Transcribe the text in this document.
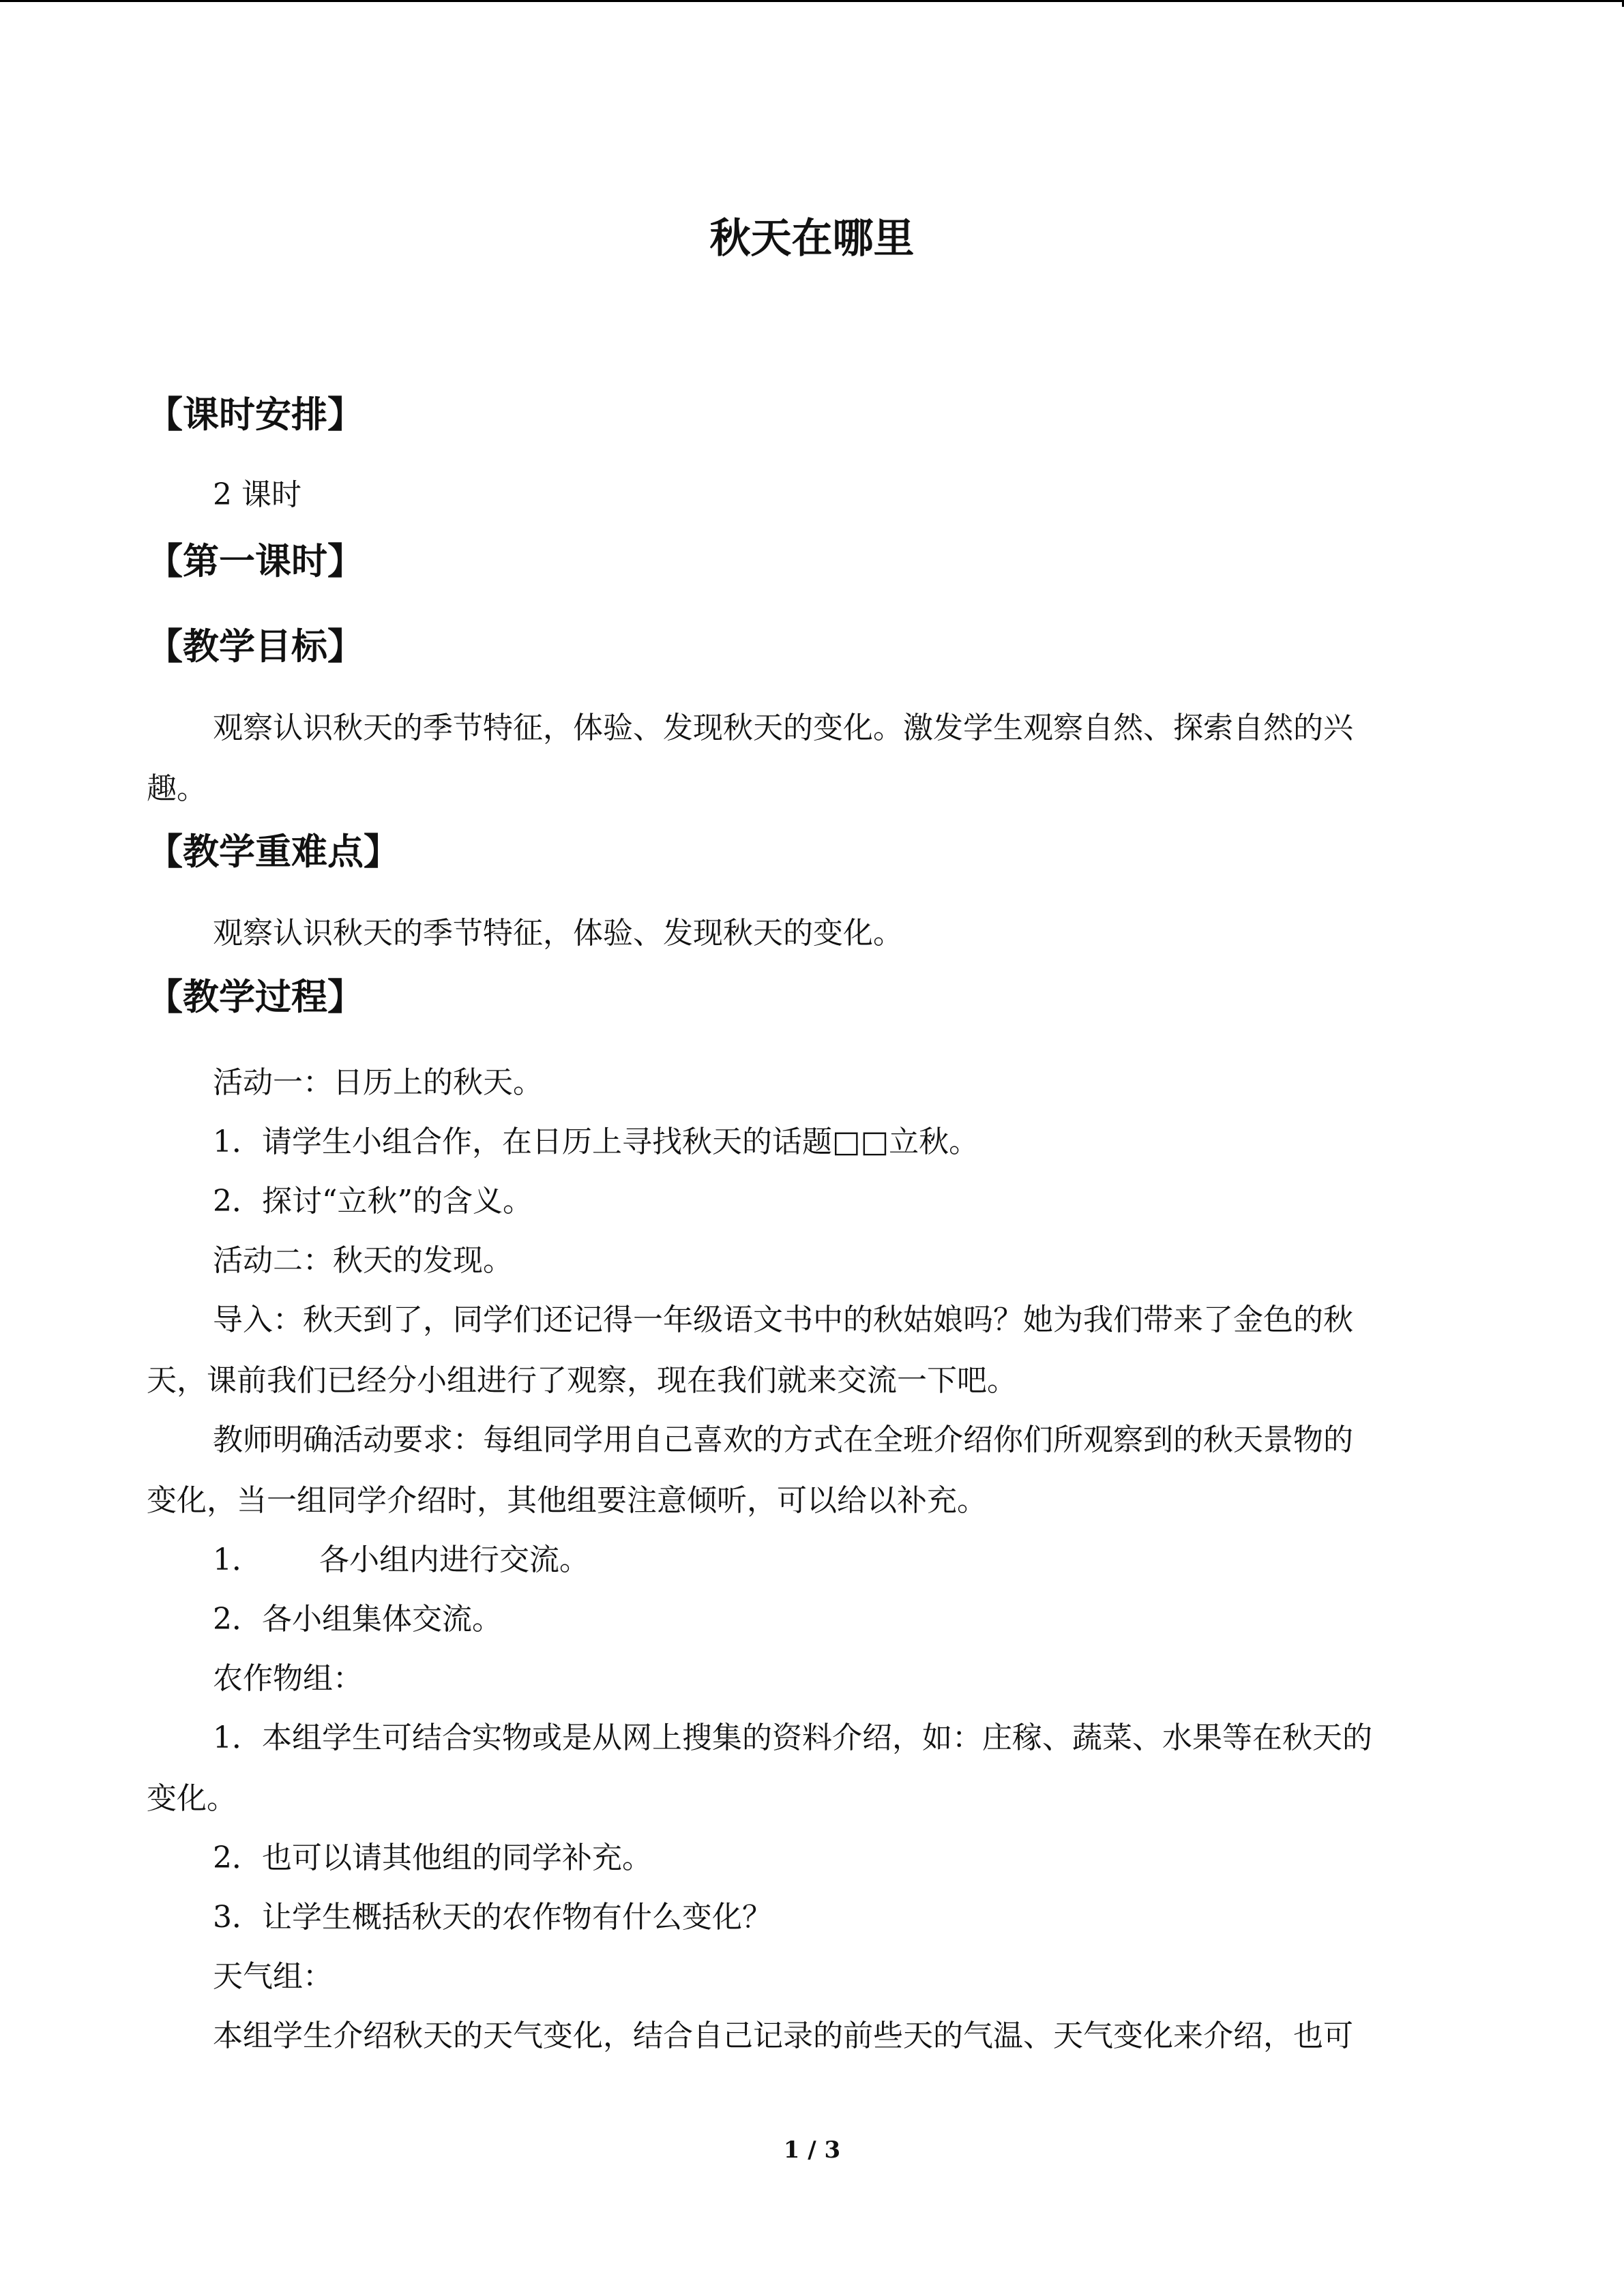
秋天在哪里
【课时安排】
2 课时
【第一课时】
【教学目标】
观察认识秋天的季节特征，体验、发现秋天的变化。激发学生观察自然、探索自然的兴
趣。
【教学重难点】
观察认识秋天的季节特征，体验、发现秋天的变化。
【教学过程】
活动一：日历上的秋天。
1．请学生小组合作，在日历上寻找秋天的话题□□立秋。
2．探讨“立秋”的含义。
活动二：秋天的发现。
导入：秋天到了，同学们还记得一年级语文书中的秋姑娘吗？她为我们带来了金色的秋
天，课前我们已经分小组进行了观察，现在我们就来交流一下吧。
教师明确活动要求：每组同学用自己喜欢的方式在全班介绍你们所观察到的秋天景物的
变化，当一组同学介绍时，其他组要注意倾听，可以给以补充。
1． 各小组内进行交流。
2．各小组集体交流。
农作物组：
1．本组学生可结合实物或是从网上搜集的资料介绍，如：庄稼、蔬菜、水果等在秋天的
变化。
2．也可以请其他组的同学补充。
3．让学生概括秋天的农作物有什么变化？
天气组：
本组学生介绍秋天的天气变化，结合自己记录的前些天的气温、天气变化来介绍，也可
1 / 3
